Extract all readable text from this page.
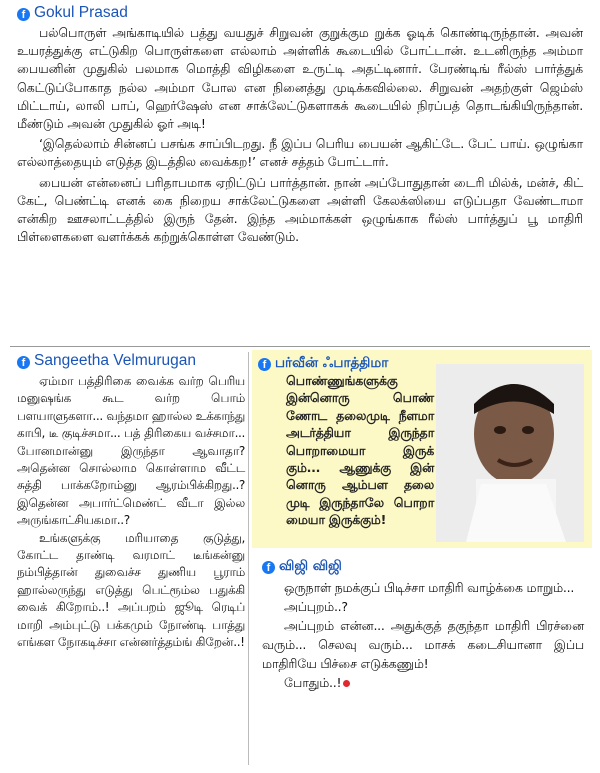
f Gokul Prasad

பல்பொருள் அங்காடியில் பத்து வயதுச் சிறுவன் குறுக்கும றுக்க ஓடிக் கொண்டிருந்தான். அவன் உயரத்துக்கு எட்டுகிற பொருள்களை எல்லாம் அள்ளிக் கூடையில் போட்டான். உடனிருந்த அம்மா பையனின் முதுகில் பலமாக மொத்தி விழிகளை உருட்டி அதட்டினார். பேரண்டிங் ரீல்ஸ் பார்த்துக் கெட்டுப்போகாத நல்ல அம்மா போல என நினைத்து முடிக்கவில்லை. சிறுவன் அதற்குள் ஜெம்ஸ் மிட்டாய், லாலி பாப், ஹெர்ஷேஸ் என சாக்லேட்டுகளாகக் கூடையில் நிரப்பத் தொடங்கியிருந்தான். மீண்டும் அவன் முதுகில் ஓர் அடி!

‘இதெல்லாம் சின்னப் பசங்க சாப்பிடறது. நீ இப்ப பெரிய பையன் ஆகிட்டே. பேட் பாய். ஒழுங்கா எல்லாத்தையும் எடுத்த இடத்தில வைக்கற!’ எனச் சத்தம் போட்டார்.

பையன் என்னைப் பரிதாபமாக ஏறிட்டுப் பார்த்தான். நான் அப்போதுதான் டைரி மில்க், மன்ச், கிட் கேட், பெண்ட்டி எனக் கை நிறைய சாக்லேட்டுகளை அள்ளி கேலக்ஸியை எடுப்பதா வேண்டாமா என்கிற ஊசலாட்டத்தில் இருந் தேன். இந்த அம்மாக்கள் ஒழுங்காக ரீல்ஸ் பார்த்துப் பூ மாதிரி பிள்ளைகளை வளர்க்கக் கற்றுக்கொள்ள வேண்டும்.

f Sangeetha Velmurugan

ஏம்மா பத்திரிகை வைக்க வர்ற பெரிய மனுஷங்க கூட வர்ற பொம் பளயாளுகளா... வந்தமா ஹால்ல உக்காந்து காபி, டீ குடிச்சமா... பத் திரிகைய வச்சமா... போனமான்னு இருந்தா ஆவாதா? அதென்ன சொல்லாம கொள்ளாம வீட்ட சுத்தி பாக்கறோம்னு ஆரம்பிக்கிறது..? இதென்ன அபார்ட்மெண்ட் வீடா இல்ல அருங்காட்சியகமா..?

உங்களுக்கு மரியாதை குடுத்து, கோட்ட தாண்டி வரமாட் டீங்கன்னு நம்பித்தான் துவைச்ச துணிய பூராம் ஹால்லருந்து எடுத்து பெட்ரூம்ல பதுக்கி வைக் கிறோம்..! அப்பறம் ஜூடி ரெடிப் மாறி அம்புட்டு பக்கமும் நோண்டி பாத்து எங்கள நோகடிச்சா என்னர்த்தம்ங் கிறேன்..!

f பர்வீன் ஃபாத்திமா

பொண்ணுங்களுக்கு இன்னொரு பொண் ணோட தலைமுடி நீளமா அடர்த்தியா இருந்தா பொறாமையா இருக் கும்... ஆணுக்கு இன் னொரு ஆம்பள தலை முடி இருந்தாலே பொறா மையா இருக்கும்!

f விஜி விஜி

ஒருநாள் நமக்குப் பிடிச்சா மாதிரி வாழ்க்கை மாறும்...

அப்புறம்..?

அப்புறம் என்ன... அதுக்குத் தகுந்தா மாதிரி பிரச்னை வரும்... செலவு வரும்... மாசக் கடைசியானா இப்ப மாதிரியே பிச்சை எடுக்கணும்!

போதும்..!
